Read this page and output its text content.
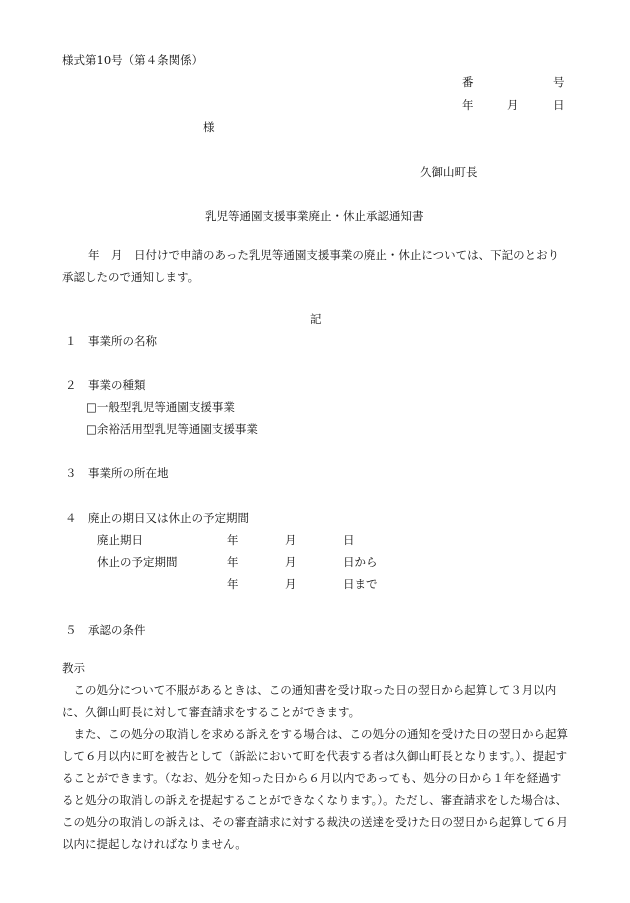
様式第10号（第４条関係）
番	号
年	月	日
様
久御山町長
乳児等通園支援事業廃止・休止承認通知書
年　月　日付けで申請のあった乳児等通園支援事業の廃止・休止については、下記のとおり
承認したので通知します。
記
１ 事業所の名称
２ 事業の種類
□一般型乳児等通園支援事業
□余裕活用型乳児等通園支援事業
３ 事業所の所在地
４ 廃止の期日又は休止の予定期間
廃止期日	年	月	日
休止の予定期間	年	月	日から
年	月	日まで
５ 承認の条件
教示

この処分について不服があるときは、この通知書を受け取った日の翌日から起算して３月以内に、久御山町長に対して審査請求をすることができます。

また、この処分の取消しを求める訴えをする場合は、この処分の通知を受けた日の翌日から起算して６月以内に町を被告として（訴訟において町を代表する者は久御山町長となります。）、提起することができます。（なお、処分を知った日から６月以内であっても、処分の日から１年を経過すると処分の取消しの訴えを提起することができなくなります。）。ただし、審査請求をした場合は、この処分の取消しの訴えは、その審査請求に対する裁決の送達を受けた日の翌日から起算して６月以内に提起しなければなりません。
